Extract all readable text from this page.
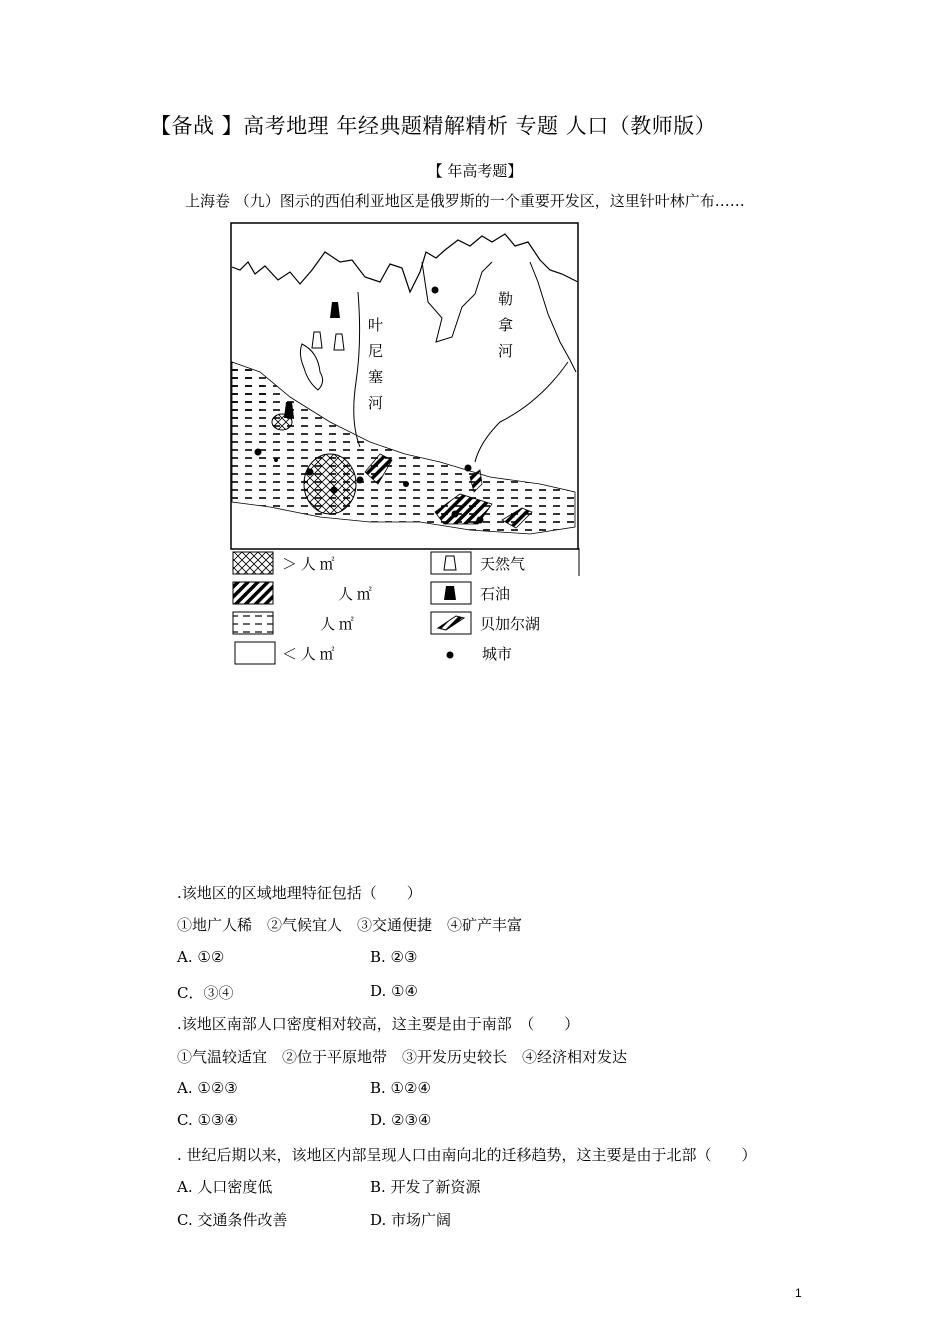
【备战 】高考地理 年经典题精解精析 专题 人口（教师版）
【 年高考题】
上海卷 （九）图示的西伯利亚地区是俄罗斯的一个重要开发区，这里针叶林广布……
叶
尼
塞
河
勒
拿
河
＞ 人 ㎡
人 ㎡
人 ㎡
＜ 人 ㎡
天然气
石油
贝加尔湖
城市
.该地区的区域地理特征包括（　　）
①地广人稀　②气候宜人　③交通便捷　④矿产丰富
A. ①②	B. ②③
C．③④	D. ①④
.该地区南部人口密度相对较高，这主要是由于南部　（　　）
①气温较适宜　②位于平原地带　③开发历史较长　④经济相对发达
A. ①②③	B. ①②④
C. ①③④	D. ②③④
. 世纪后期以来，该地区内部呈现人口由南向北的迁移趋势，这主要是由于北部（　　）
A. 人口密度低	B. 开发了新资源
C. 交通条件改善	D. 市场广阔
1
